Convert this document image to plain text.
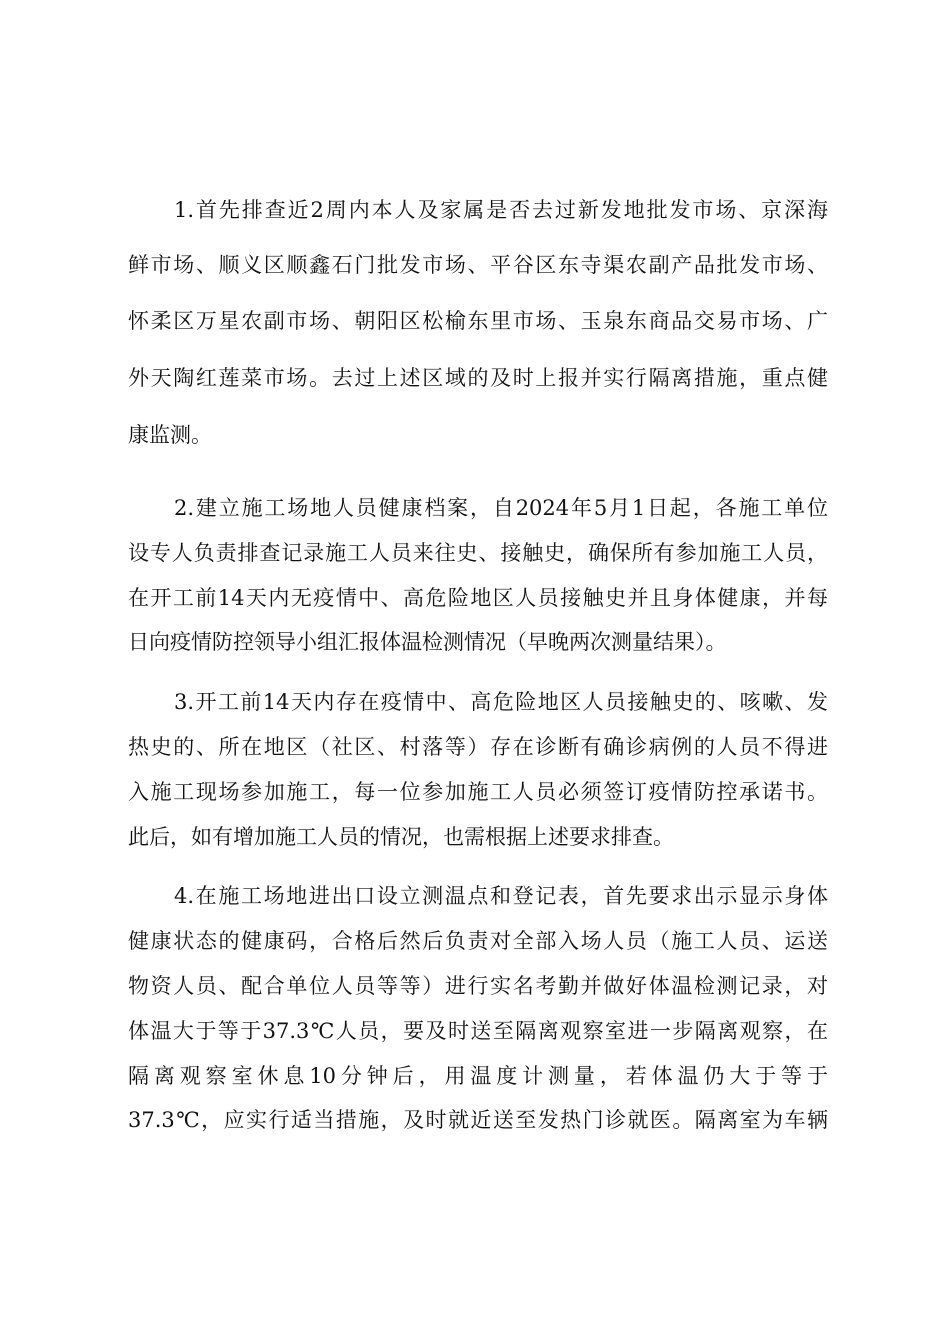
1.首先排查近2周内本人及家属是否去过新发地批发市场、京深海

鲜市场、顺义区顺鑫石门批发市场、平谷区东寺渠农副产品批发市场、

怀柔区万星农副市场、朝阳区松榆东里市场、玉泉东商品交易市场、广

外天陶红莲菜市场。去过上述区域的及时上报并实行隔离措施，重点健

康监测。

2.建立施工场地人员健康档案，自2024年5月1日起，各施工单位

设专人负责排查记录施工人员来往史、接触史，确保所有参加施工人员，

在开工前14天内无疫情中、高危险地区人员接触史并且身体健康，并每

日向疫情防控领导小组汇报体温检测情况（早晚两次测量结果）。

3.开工前14天内存在疫情中、高危险地区人员接触史的、咳嗽、发

热史的、所在地区（社区、村落等）存在诊断有确诊病例的人员不得进

入施工现场参加施工，每一位参加施工人员必须签订疫情防控承诺书。

此后，如有增加施工人员的情况，也需根据上述要求排查。

4.在施工场地进出口设立测温点和登记表，首先要求出示显示身体

健康状态的健康码，合格后然后负责对全部入场人员（施工人员、运送

物资人员、配合单位人员等等）进行实名考勤并做好体温检测记录，对

体温大于等于37.3℃人员，要及时送至隔离观察室进一步隔离观察，在

隔离观察室休息10分钟后，用温度计测量，若体温仍大于等于

37.3℃，应实行适当措施，及时就近送至发热门诊就医。隔离室为车辆
